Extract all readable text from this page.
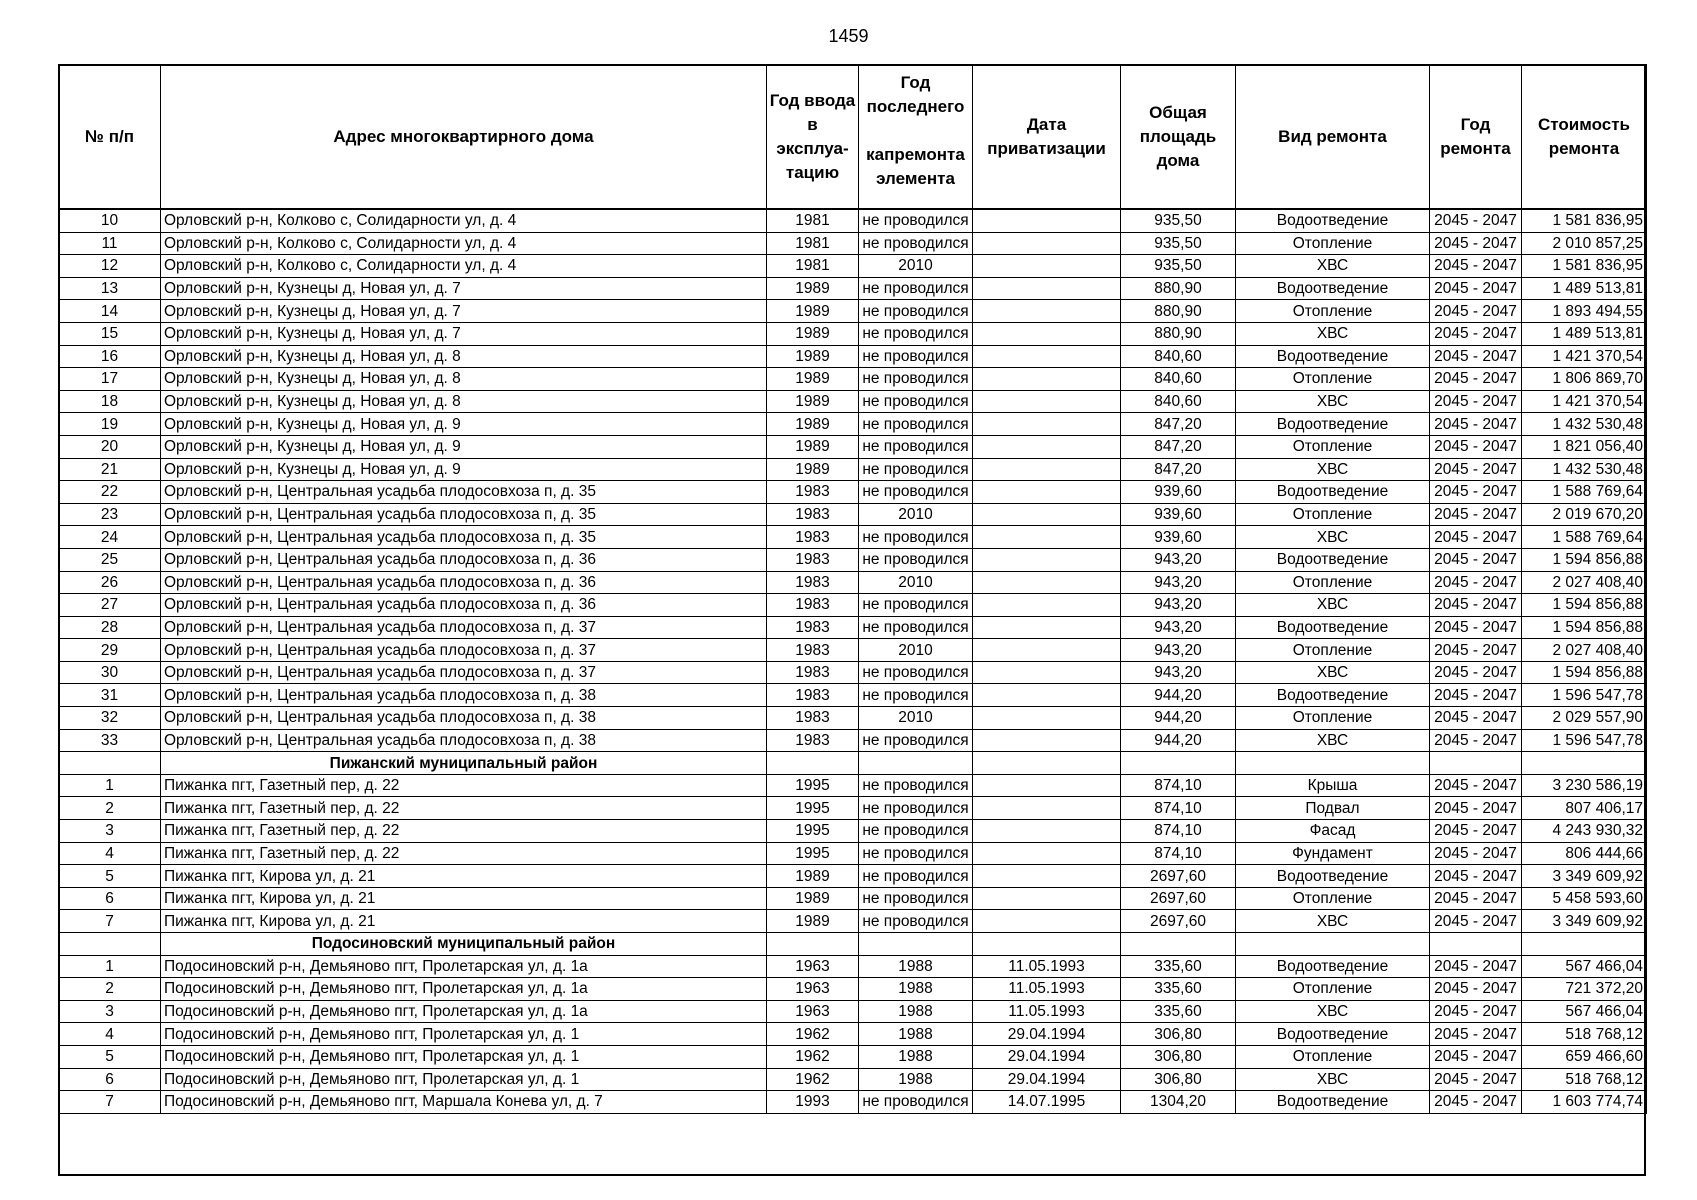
1459
№ п/п	Адрес многоквартирного дома	Год ввода в эксплуа-тацию	Год последнего
капремонта элемента	Дата приватизации	Общая площадь дома	Вид ремонта	Год ремонта	Стоимость ремонта
10	Орловский р-н, Колково с, Солидарности ул, д. 4	1981	не проводился		935,50	Водоотведение	2045 - 2047	1 581 836,95
11	Орловский р-н, Колково с, Солидарности ул, д. 4	1981	не проводился		935,50	Отопление	2045 - 2047	2 010 857,25
12	Орловский р-н, Колково с, Солидарности ул, д. 4	1981	2010		935,50	ХВС	2045 - 2047	1 581 836,95
13	Орловский р-н, Кузнецы д, Новая ул, д. 7	1989	не проводился		880,90	Водоотведение	2045 - 2047	1 489 513,81
14	Орловский р-н, Кузнецы д, Новая ул, д. 7	1989	не проводился		880,90	Отопление	2045 - 2047	1 893 494,55
15	Орловский р-н, Кузнецы д, Новая ул, д. 7	1989	не проводился		880,90	ХВС	2045 - 2047	1 489 513,81
16	Орловский р-н, Кузнецы д, Новая ул, д. 8	1989	не проводился		840,60	Водоотведение	2045 - 2047	1 421 370,54
17	Орловский р-н, Кузнецы д, Новая ул, д. 8	1989	не проводился		840,60	Отопление	2045 - 2047	1 806 869,70
18	Орловский р-н, Кузнецы д, Новая ул, д. 8	1989	не проводился		840,60	ХВС	2045 - 2047	1 421 370,54
19	Орловский р-н, Кузнецы д, Новая ул, д. 9	1989	не проводился		847,20	Водоотведение	2045 - 2047	1 432 530,48
20	Орловский р-н, Кузнецы д, Новая ул, д. 9	1989	не проводился		847,20	Отопление	2045 - 2047	1 821 056,40
21	Орловский р-н, Кузнецы д, Новая ул, д. 9	1989	не проводился		847,20	ХВС	2045 - 2047	1 432 530,48
22	Орловский р-н, Центральная усадьба плодосовхоза п, д. 35	1983	не проводился		939,60	Водоотведение	2045 - 2047	1 588 769,64
23	Орловский р-н, Центральная усадьба плодосовхоза п, д. 35	1983	2010		939,60	Отопление	2045 - 2047	2 019 670,20
24	Орловский р-н, Центральная усадьба плодосовхоза п, д. 35	1983	не проводился		939,60	ХВС	2045 - 2047	1 588 769,64
25	Орловский р-н, Центральная усадьба плодосовхоза п, д. 36	1983	не проводился		943,20	Водоотведение	2045 - 2047	1 594 856,88
26	Орловский р-н, Центральная усадьба плодосовхоза п, д. 36	1983	2010		943,20	Отопление	2045 - 2047	2 027 408,40
27	Орловский р-н, Центральная усадьба плодосовхоза п, д. 36	1983	не проводился		943,20	ХВС	2045 - 2047	1 594 856,88
28	Орловский р-н, Центральная усадьба плодосовхоза п, д. 37	1983	не проводился		943,20	Водоотведение	2045 - 2047	1 594 856,88
29	Орловский р-н, Центральная усадьба плодосовхоза п, д. 37	1983	2010		943,20	Отопление	2045 - 2047	2 027 408,40
30	Орловский р-н, Центральная усадьба плодосовхоза п, д. 37	1983	не проводился		943,20	ХВС	2045 - 2047	1 594 856,88
31	Орловский р-н, Центральная усадьба плодосовхоза п, д. 38	1983	не проводился		944,20	Водоотведение	2045 - 2047	1 596 547,78
32	Орловский р-н, Центральная усадьба плодосовхоза п, д. 38	1983	2010		944,20	Отопление	2045 - 2047	2 029 557,90
33	Орловский р-н, Центральная усадьба плодосовхоза п, д. 38	1983	не проводился		944,20	ХВС	2045 - 2047	1 596 547,78
	Пижанский муниципальный район							
1	Пижанка пгт, Газетный пер, д. 22	1995	не проводился		874,10	Крыша	2045 - 2047	3 230 586,19
2	Пижанка пгт, Газетный пер, д. 22	1995	не проводился		874,10	Подвал	2045 - 2047	807 406,17
3	Пижанка пгт, Газетный пер, д. 22	1995	не проводился		874,10	Фасад	2045 - 2047	4 243 930,32
4	Пижанка пгт, Газетный пер, д. 22	1995	не проводился		874,10	Фундамент	2045 - 2047	806 444,66
5	Пижанка пгт, Кирова ул, д. 21	1989	не проводился		2697,60	Водоотведение	2045 - 2047	3 349 609,92
6	Пижанка пгт, Кирова ул, д. 21	1989	не проводился		2697,60	Отопление	2045 - 2047	5 458 593,60
7	Пижанка пгт, Кирова ул, д. 21	1989	не проводился		2697,60	ХВС	2045 - 2047	3 349 609,92
	Подосиновский муниципальный район							
1	Подосиновский р-н, Демьяново пгт, Пролетарская ул, д. 1а	1963	1988	11.05.1993	335,60	Водоотведение	2045 - 2047	567 466,04
2	Подосиновский р-н, Демьяново пгт, Пролетарская ул, д. 1а	1963	1988	11.05.1993	335,60	Отопление	2045 - 2047	721 372,20
3	Подосиновский р-н, Демьяново пгт, Пролетарская ул, д. 1а	1963	1988	11.05.1993	335,60	ХВС	2045 - 2047	567 466,04
4	Подосиновский р-н, Демьяново пгт, Пролетарская ул, д. 1	1962	1988	29.04.1994	306,80	Водоотведение	2045 - 2047	518 768,12
5	Подосиновский р-н, Демьяново пгт, Пролетарская ул, д. 1	1962	1988	29.04.1994	306,80	Отопление	2045 - 2047	659 466,60
6	Подосиновский р-н, Демьяново пгт, Пролетарская ул, д. 1	1962	1988	29.04.1994	306,80	ХВС	2045 - 2047	518 768,12
7	Подосиновский р-н, Демьяново пгт, Маршала Конева ул, д. 7	1993	не проводился	14.07.1995	1304,20	Водоотведение	2045 - 2047	1 603 774,74
